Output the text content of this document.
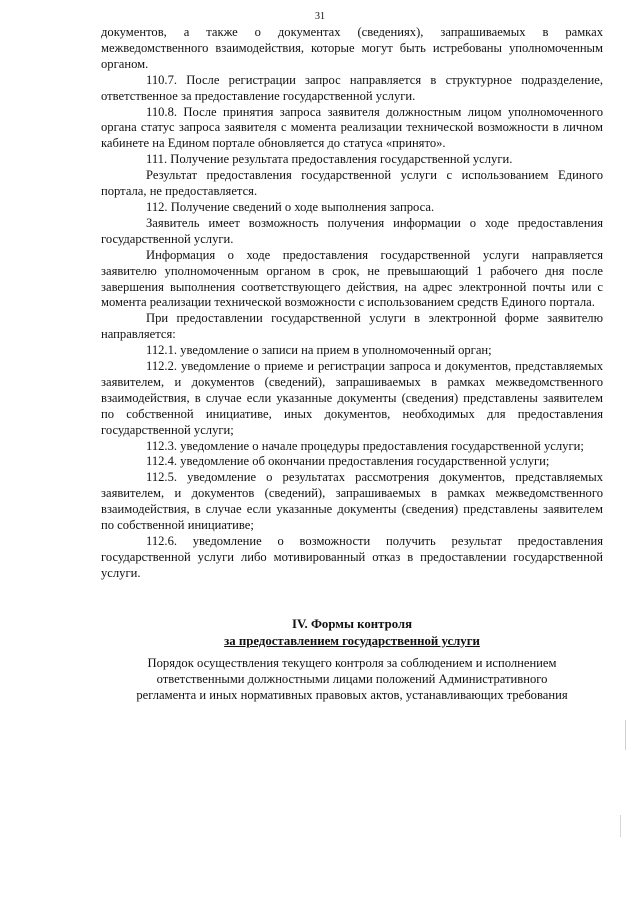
31

документов, а также о документах (сведениях), запрашиваемых в рамках межведомственного взаимодействия, которые могут быть истребованы уполномоченным органом.

110.7. После регистрации запрос направляется в структурное подразделение, ответственное за предоставление государственной услуги.

110.8. После принятия запроса заявителя должностным лицом уполномоченного органа статус запроса заявителя с момента реализации технической возможности в личном кабинете на Едином портале обновляется до статуса «принято».

111. Получение результата предоставления государственной услуги.

Результат предоставления государственной услуги с использованием Единого портала, не предоставляется.

112. Получение сведений о ходе выполнения запроса.

Заявитель имеет возможность получения информации о ходе предоставления государственной услуги.

Информация о ходе предоставления государственной услуги направляется заявителю уполномоченным органом в срок, не превышающий 1 рабочего дня после завершения выполнения соответствующего действия, на адрес электронной почты или с момента реализации технической возможности с использованием средств Единого портала.

При предоставлении государственной услуги в электронной форме заявителю направляется:

112.1. уведомление о записи на прием в уполномоченный орган;

112.2. уведомление о приеме и регистрации запроса и документов, представляемых заявителем, и документов (сведений), запрашиваемых в рамках межведомственного взаимодействия, в случае если указанные документы (сведения) представлены заявителем по собственной инициативе, иных документов, необходимых для предоставления государственной услуги;

112.3. уведомление о начале процедуры предоставления государственной услуги;

112.4. уведомление об окончании предоставления государственной услуги;

112.5. уведомление о результатах рассмотрения документов, представляемых заявителем, и документов (сведений), запрашиваемых в рамках межведомственного взаимодействия, в случае если указанные документы (сведения) представлены заявителем по собственной инициативе;

112.6. уведомление о возможности получить результат предоставления государственной услуги либо мотивированный отказ в предоставлении государственной услуги.

IV. Формы контроля
за предоставлением государственной услуги
Порядок осуществления текущего контроля за соблюдением и исполнением
ответственными должностными лицами положений Административного
регламента и иных нормативных правовых актов, устанавливающих требования
